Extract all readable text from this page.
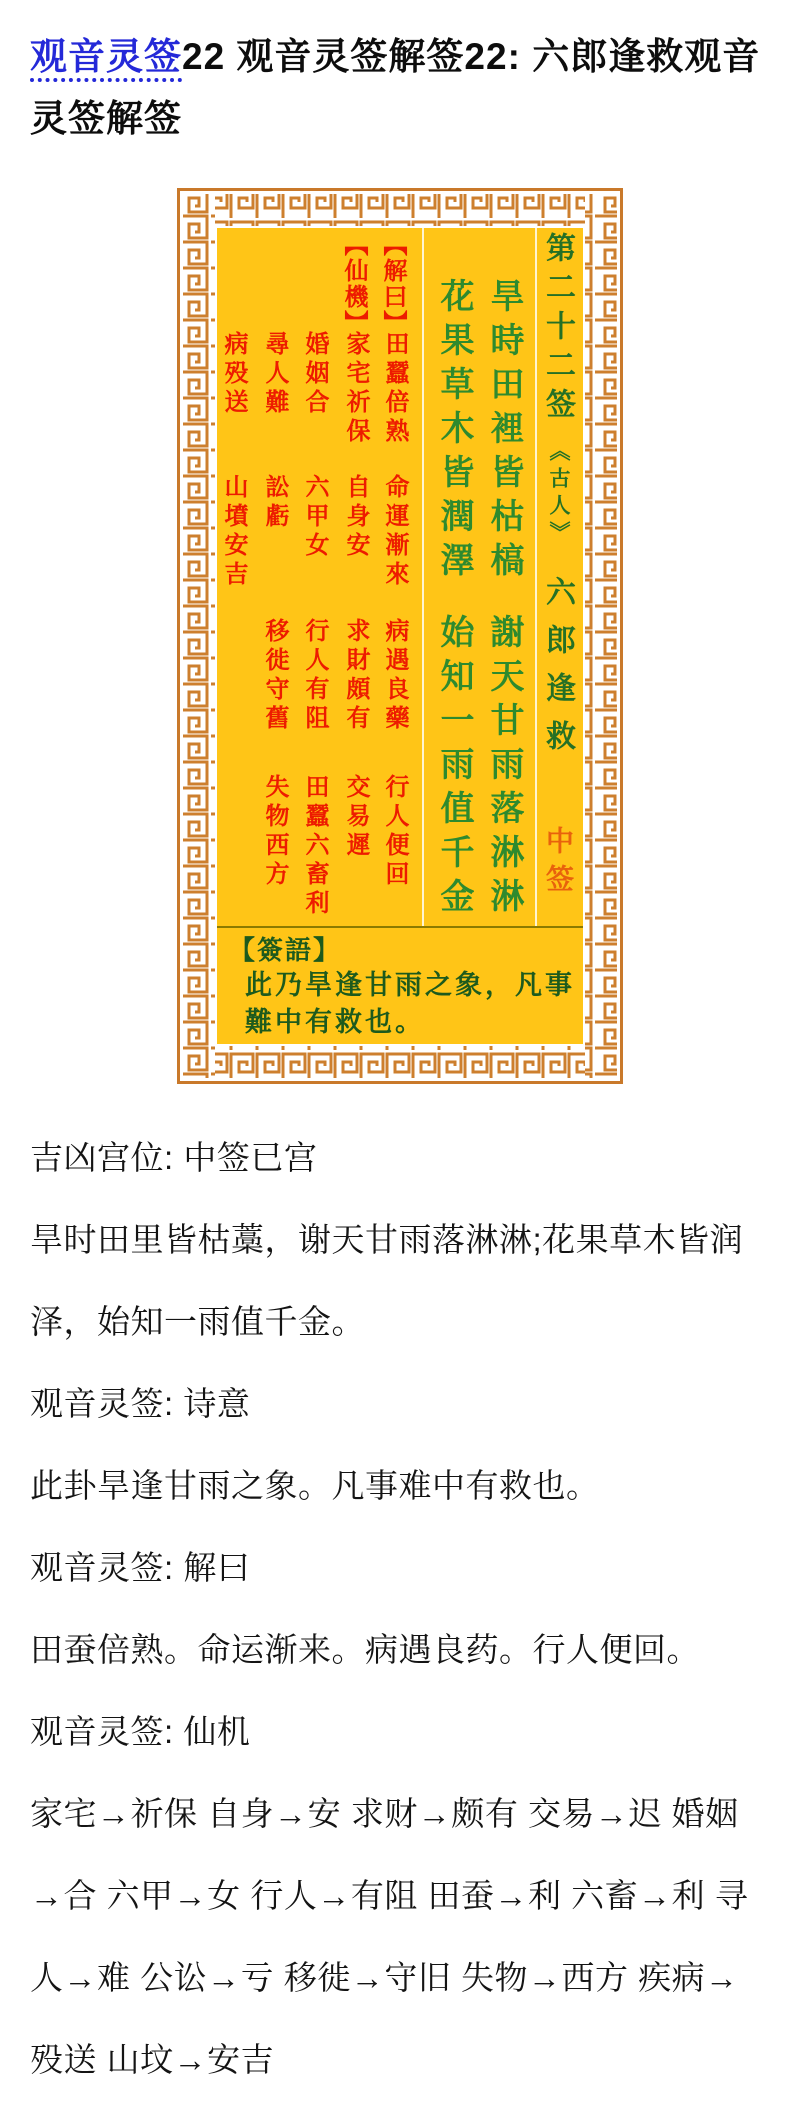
观音灵签22 观音灵签解签22: 六郎逢救观音灵签解签
第二十二签
《古人》
六郎逢救
中签
旱時田裡皆枯槁
花果草木皆潤澤
謝天甘雨落淋淋
始知一雨值千金
【解曰】
【仙機】
田蠶倍熟
命運漸來
病遇良藥
行人便回
家宅祈保
自身安
求財頗有
交易遲
婚姻合
六甲女
行人有阻
田蠶六畜利
尋人難
訟虧
移徙守舊
失物西方
病殁送
山墳安吉
【簽語】
此乃旱逢甘雨之象，凡事
難中有救也。

吉凶宫位: 中签已宫

旱时田里皆枯藁，谢天甘雨落淋淋;花果草木皆润泽，始知一雨值千金。

观音灵签: 诗意

此卦旱逢甘雨之象。凡事难中有救也。

观音灵签: 解曰

田蚕倍熟。命运渐来。病遇良药。行人便回。

观音灵签: 仙机

家宅→祈保 自身→安 求财→颇有 交易→迟 婚姻→合 六甲→女 行人→有阻 田蚕→利 六畜→利 寻人→难 公讼→亏 移徙→守旧 失物→西方 疾病→殁送 山坟→安吉
